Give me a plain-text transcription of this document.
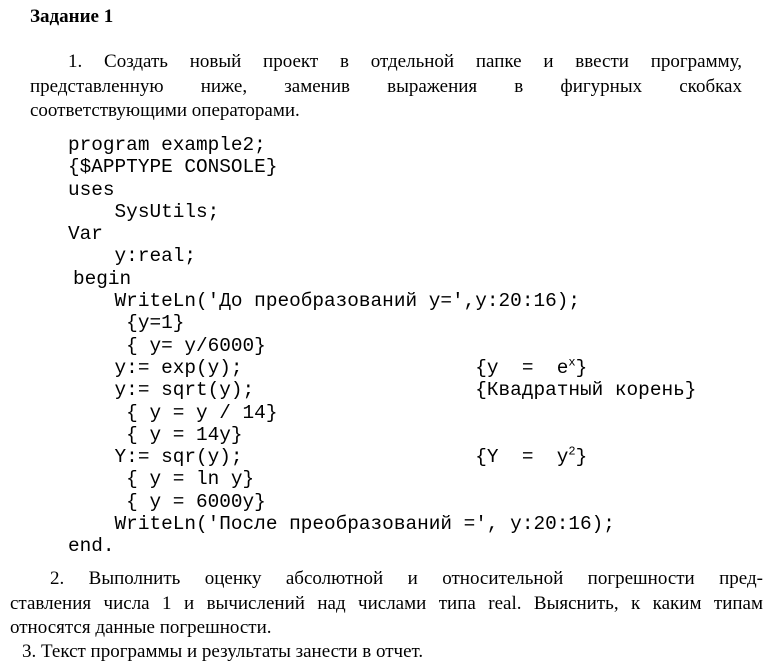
Задание 1
1. Создать новый проект в отдельной папке и ввести программу,
представленную ниже, заменив выражения в фигурных скобках
соответствующими операторами.
program example2;
{$APPTYPE CONSOLE}
uses
SysUtils;
Var
y:real;
begin
WriteLn('До преобразований y=',y:20:16);
{y=1}
{ y= y/6000}
y:= exp(y);                    $\{y = e^x\}$
y:= sqrt(y);                   {Квадратный корень}
{ y = y / 14}
{ y = 14y}
Y:= sqr(y);                    $\{Y = y^2\}$
{ y = ln y}
{ y = 6000y}
WriteLn('После преобразований =', y:20:16);
end.
2. Выполнить оценку абсолютной и относительной погрешности пред-
ставления числа 1 и вычислений над числами типа real. Выяснить, к каким типам
относятся данные погрешности.
3. Текст программы и результаты занести в отчет.
